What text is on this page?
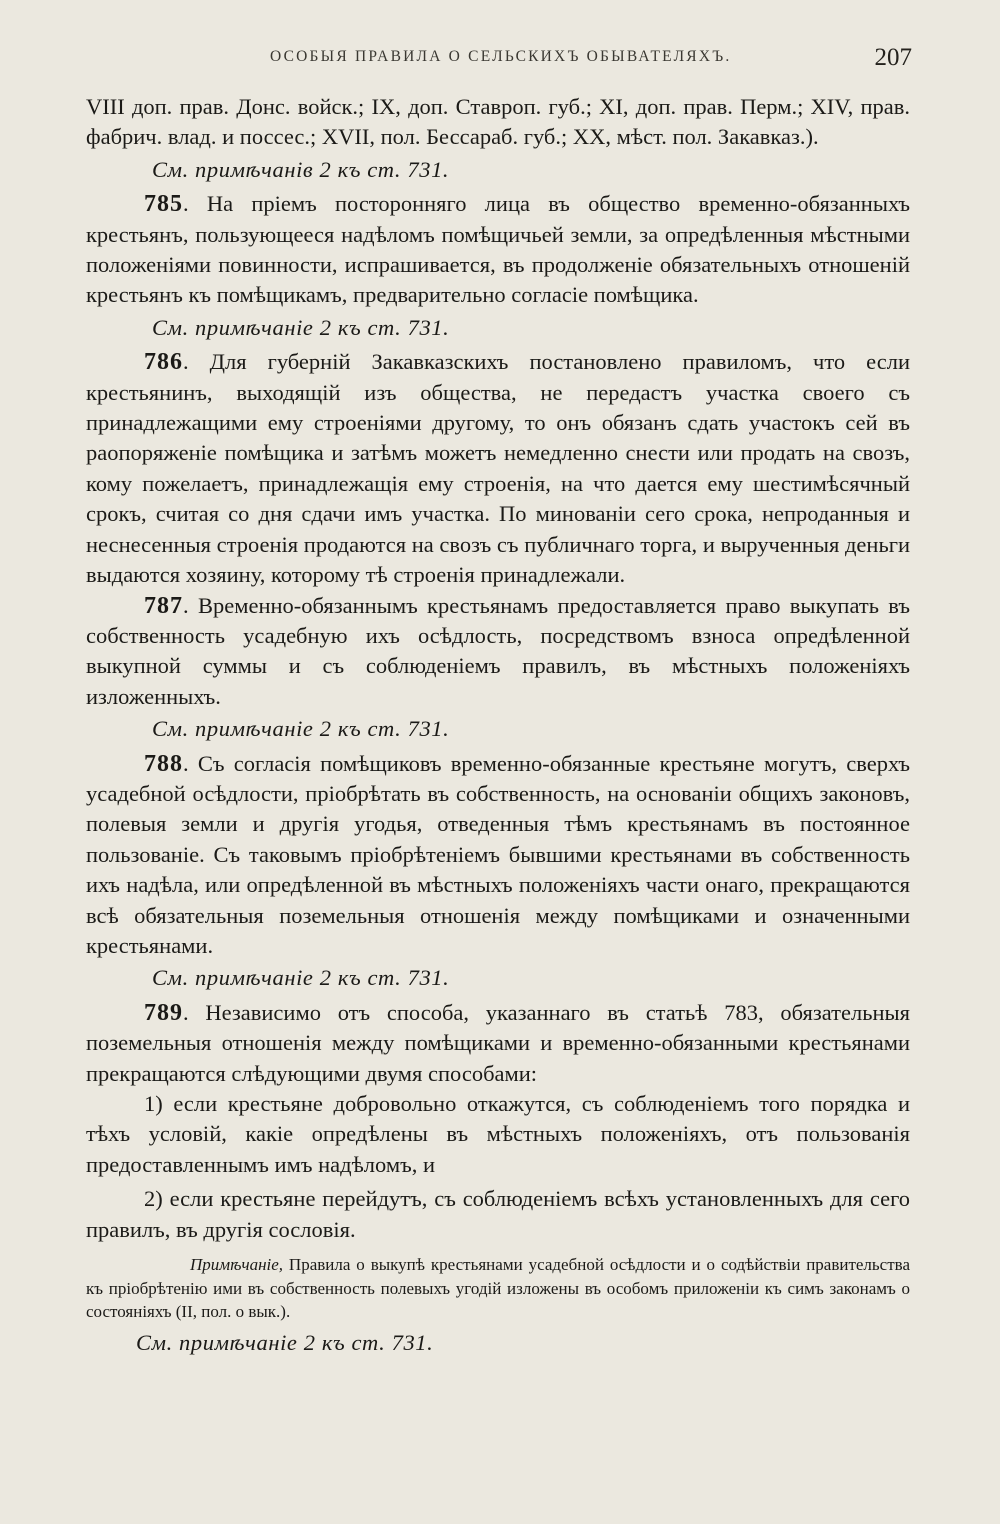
ОСОБЫЯ ПРАВИЛА О СЕЛЬСКИХЪ ОБЫВАТЕЛЯХЪ.	207

VIII доп. прав. Донс. войск.; IX, доп. Ставроп. губ.; XI, доп. прав. Перм.; XIV, прав. фабрич. влад. и поссес.; XVII, пол. Бессараб. губ.; XX, мѣст. пол. Закавказ.).

См. примѣчанiв 2 къ ст. 731.

785. На прiемъ посторонняго лица въ общество временно-обязанныхъ крестьянъ, пользующееся надѣломъ помѣщичьей земли, за опредѣленныя мѣстными положенiями повинности, испрашивается, въ продолженiе обязательныхъ отношенiй крестьянъ къ помѣщикамъ, предварительно согласiе помѣщика.

См. примѣчанiе 2 къ ст. 731.

786. Для губернiй Закавказскихъ постановлено правиломъ, что если крестьянинъ, выходящiй изъ общества, не передастъ участка своего съ принадлежащими ему строенiями другому, то онъ обязанъ сдать участокъ сей въ раопоряженiе помѣщика и затѣмъ можетъ немедленно снести или продать на свозъ, кому пожелаетъ, принадлежащiя ему строенiя, на что дается ему шестимѣсячный срокъ, считая со дня сдачи имъ участка. По минованiи сего срока, непроданныя и неснесенныя строенiя продаются на свозъ съ публичнаго торга, и вырученныя деньги выдаются хозяину, которому тѣ строенiя принадлежали.

787. Временно-обязаннымъ крестьянамъ предоставляется право выкупать въ собственность усадебную ихъ осѣдлость, посредствомъ взноса опредѣленной выкупной суммы и съ соблюденiемъ правилъ, въ мѣстныхъ положенiяхъ изложенныхъ.

См. примѣчанiе 2 къ ст. 731.

788. Съ согласiя помѣщиковъ временно-обязанные крестьяне могутъ, сверхъ усадебной осѣдлости, прiобрѣтать въ собственность, на основанiи общихъ законовъ, полевыя земли и другiя угодья, отведенныя тѣмъ крестьянамъ въ постоянное пользованiе. Съ таковымъ прiобрѣтенiемъ бывшими крестьянами въ собственность ихъ надѣла, или опредѣленной въ мѣстныхъ положенiяхъ части онаго, прекращаются всѣ обязательныя поземельныя отношенiя между помѣщиками и означенными крестьянами.

См. примѣчанiе 2 къ ст. 731.

789. Независимо отъ способа, указаннаго въ статьѣ 783, обязательныя поземельныя отношенiя между помѣщиками и временно-обязанными крестьянами прекращаются слѣдующими двумя способами:

1) если крестьяне добровольно откажутся, съ соблюденiемъ того порядка и тѣхъ условiй, какiе опредѣлены въ мѣстныхъ положенiяхъ, отъ пользованiя предоставленнымъ имъ надѣломъ, и

2) если крестьяне перейдутъ, съ соблюденiемъ всѣхъ установленныхъ для сего правилъ, въ другiя сословiя.

Примѣчанiе, Правила о выкупѣ крестьянами усадебной осѣдлости и о содѣйствiи правительства къ прiобрѣтенiю ими въ собственность полевыхъ угодiй изложены въ особомъ приложенiи къ симъ законамъ о состоянiяхъ (II, пол. о вык.).

См. примѣчанiе 2 къ ст. 731.
